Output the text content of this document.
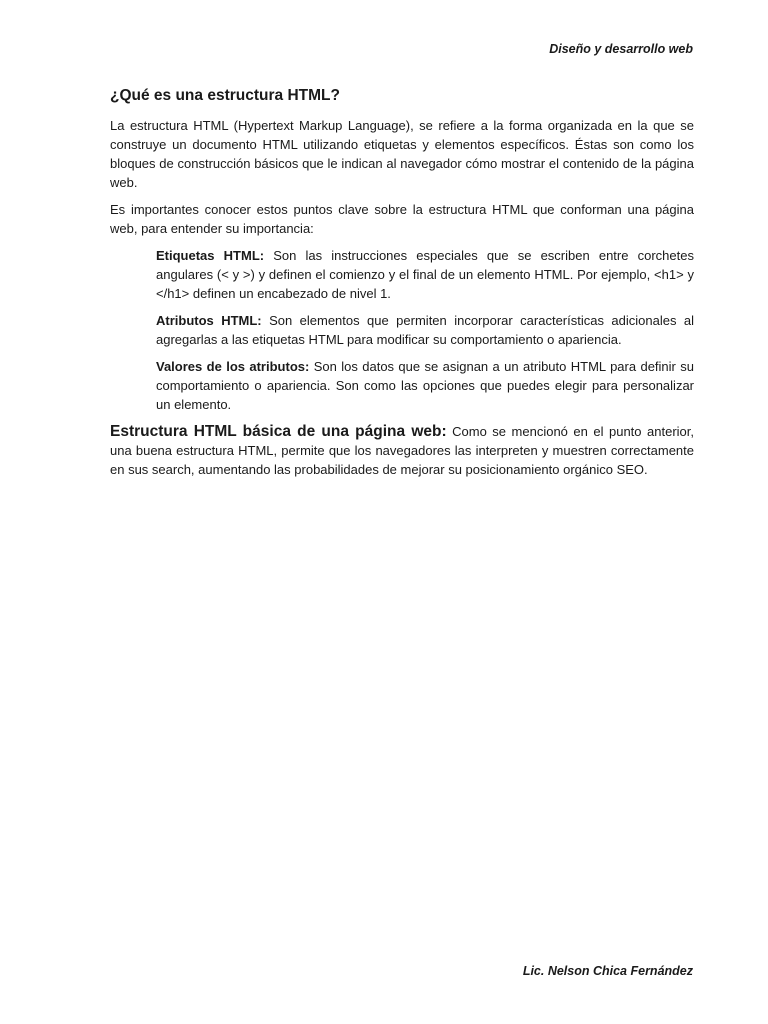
Diseño y desarrollo web
¿Qué es una estructura HTML?

La estructura HTML (Hypertext Markup Language), se refiere a la forma organizada en la que se construye un documento HTML utilizando etiquetas y elementos específicos. Éstas son como los bloques de construcción básicos que le indican al navegador cómo mostrar el contenido de la página web.

Es importantes conocer estos puntos clave sobre la estructura HTML que conforman una página web, para entender su importancia:

Etiquetas HTML: Son las instrucciones especiales que se escriben entre corchetes angulares (< y >) y definen el comienzo y el final de un elemento HTML. Por ejemplo, <h1> y </h1> definen un encabezado de nivel 1.

Atributos HTML: Son elementos que permiten incorporar características adicionales al agregarlas a las etiquetas HTML para modificar su comportamiento o apariencia.

Valores de los atributos: Son los datos que se asignan a un atributo HTML para definir su comportamiento o apariencia. Son como las opciones que puedes elegir para personalizar un elemento.

Estructura HTML básica de una página web: Como se mencionó en el punto anterior, una buena estructura HTML, permite que los navegadores las interpreten y muestren correctamente en sus search, aumentando las probabilidades de mejorar su posicionamiento orgánico SEO.

Lic. Nelson Chica Fernández
